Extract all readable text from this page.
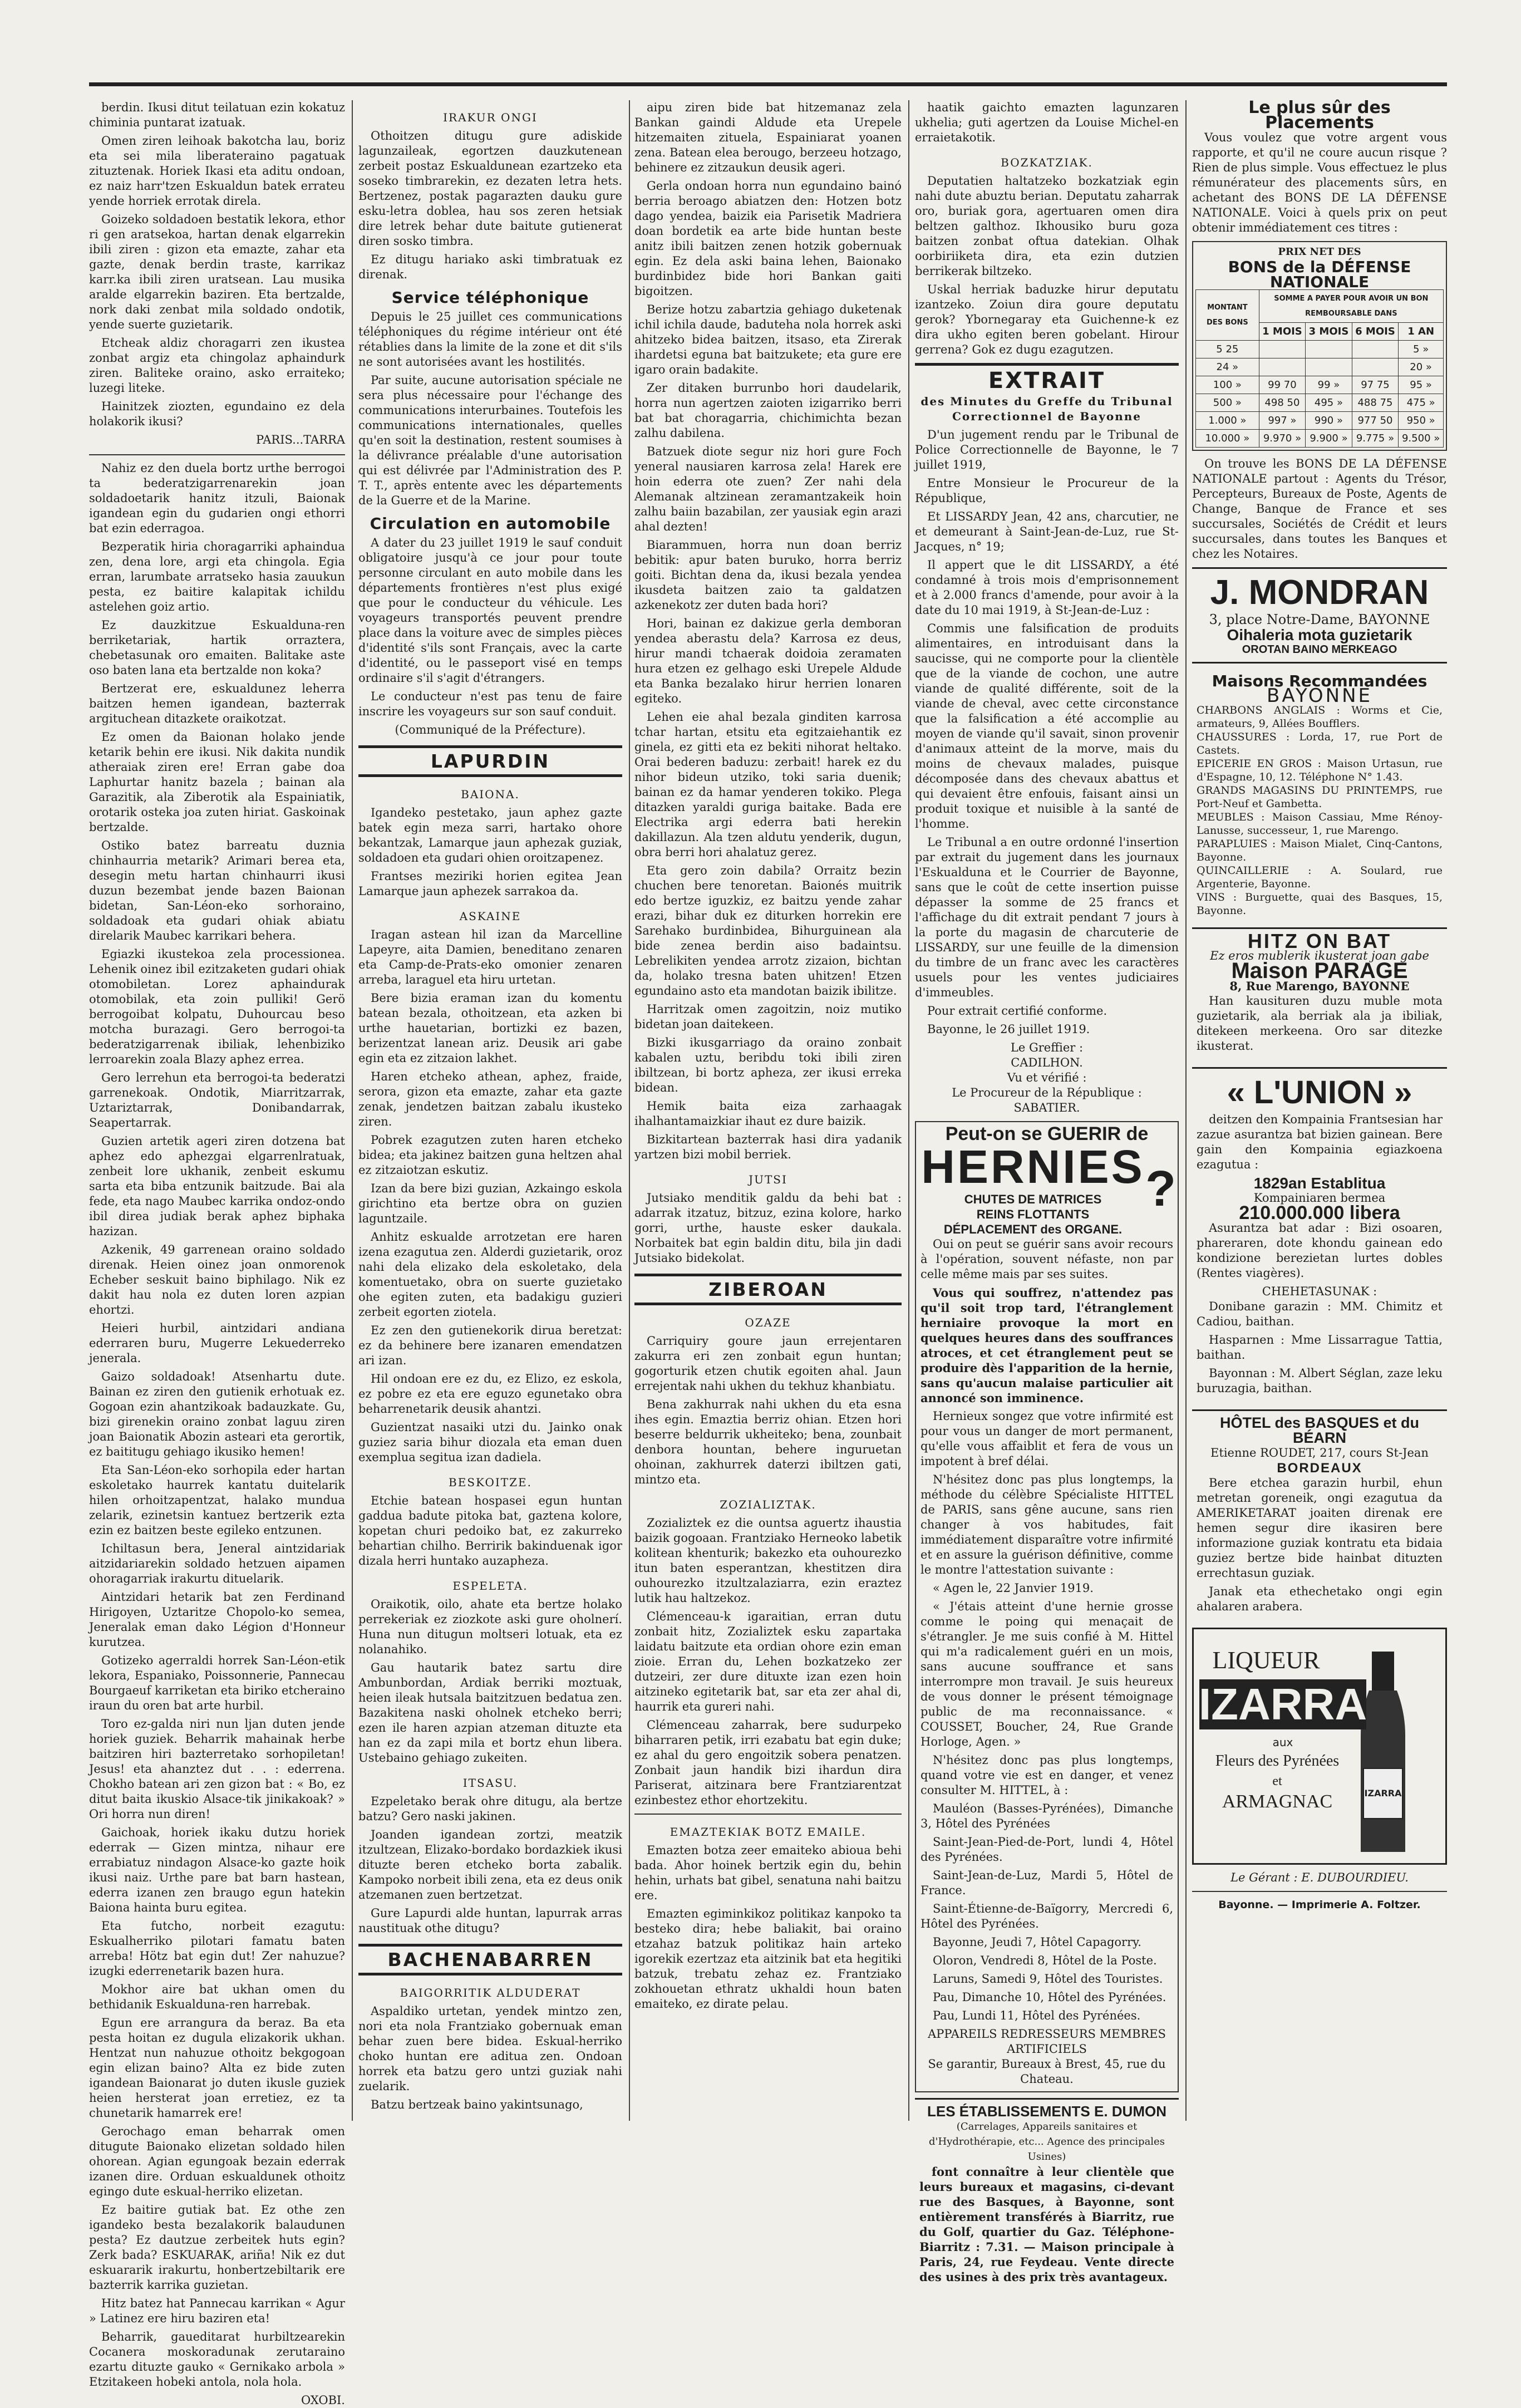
berdin. Ikusi ditut teilatuan ezin kokatuz chiminia puntarat izatuak.

Omen ziren leihoak bakotcha lau, boriz eta sei mila liberateraino pagatuak zituztenak. Horiek Ikasi eta aditu ondoan, ez naiz harr'tzen Eskualdun batek errateu yende horriek errotak direla.

Goizeko soldadoen bestatik lekora, ethor ri gen aratsekoa, hartan denak elgarrekin ibili ziren : gizon eta emazte, zahar eta gazte, denak berdin traste, karrikaz karr.ka ibili ziren uratsean. Lau musika aralde elgarrekin baziren. Eta bertzalde, nork daki zenbat mila soldado ondotik, yende suerte guzietarik.

Etcheak aldiz choragarri zen ikustea zonbat argiz eta chingolaz aphaindurk ziren. Baliteke oraino, asko erraiteko; luzegi liteke.

Hainitzek ziozten, egundaino ez dela holakorik ikusi?

PARIS...TARRA

Nahiz ez den duela bortz urthe berrogoi ta bederatzigarrenarekin joan soldadoetarik hanitz itzuli, Baionak igandean egin du gudarien ongi ethorri bat ezin ederragoa.

Bezperatik hiria choragarriki aphaindua zen, dena lore, argi eta chingola. Egia erran, larumbate arratseko hasia zauukun pesta, ez baitire kalapitak ichildu astelehen goiz artio.

Ez dauzkitzue Eskualduna-ren berriketariak, hartik orraztera, chebetasunak oro emaiten. Balitake aste oso baten lana eta bertzalde non koka?

Bertzerat ere, eskualdunez leherra baitzen hemen igandean, bazterrak argituchean ditazkete oraikotzat.

Ez omen da Baionan holako jende ketarik behin ere ikusi. Nik dakita nundik atheraiak ziren ere! Erran gabe doa Laphurtar hanitz bazela ; bainan ala Garazitik, ala Ziberotik ala Espainiatik, orotarik osteka joa zuten hiriat. Gaskoinak bertzalde.

Ostiko batez barreatu duznia chinhaurria metarik? Arimari berea eta, desegin metu hartan chinhaurri ikusi duzun bezembat jende bazen Baionan bidetan, San-Léon-eko sorhoraino, soldadoak eta gudari ohiak abiatu direlarik Maubec karrikari behera.

Egiazki ikustekoa zela processionea. Lehenik oinez ibil ezitzaketen gudari ohiak otomobiletan. Lorez aphaindurak otomobilak, eta zoin pulliki! Gerö berrogoibat kolpatu, Duhourcau beso motcha burazagi. Gero berrogoi-ta bederatzigarrenak ibiliak, lehenbiziko lerroarekin zoala Blazy aphez errea.

Gero lerrehun eta berrogoi-ta bederatzi garrenekoak. Ondotik, Miarritzarrak, Uztariztarrak, Donibandarrak, Seapertarrak.

Guzien artetik ageri ziren dotzena bat aphez edo aphezgai elgarrenlratuak, zenbeit lore ukhanik, zenbeit eskumu sarta eta biba entzunik baitzude. Bai ala fede, eta nago Maubec karrika ondoz-ondo ibil direa judiak berak aphez biphaka hazizan.

Azkenik, 49 garrenean oraino soldado direnak. Heien oinez joan onmorenok Echeber seskuit baino biphilago. Nik ez dakit hau nola ez duten loren azpian ehortzi.

Heieri hurbil, aintzidari andiana ederraren buru, Mugerre Lekuederreko jenerala.

Gaizo soldadoak! Atsenhartu dute. Bainan ez ziren den gutienik erhotuak ez. Gogoan ezin ahantzikoak badauzkate. Gu, bizi girenekin oraino zonbat laguu ziren joan Baionatik Abozin asteari eta gerortik, ez baititugu gehiago ikusiko hemen!

Eta San-Léon-eko sorhopila eder hartan eskoletako haurrek kantatu duitelarik hilen orhoitzapentzat, halako mundua zelarik, ezinetsin kantuez bertzerik ezta ezin ez baitzen beste egileko entzunen.

Ichiltasun bera, Jeneral aintzidariak aitzidariarekin soldado hetzuen aipamen ohoragarriak irakurtu dituelarik.

Aintzidari hetarik bat zen Ferdinand Hirigoyen, Uztaritze Chopolo-ko semea, Jeneralak eman dako Légion d'Honneur kurutzea.

Gotizeko agerraldi horrek San-Léon-etik lekora, Espaniako, Poissonnerie, Pannecau Bourgaeuf karriketan eta biriko etcheraino iraun du oren bat arte hurbil.

Toro ez-galda niri nun ljan duten jende horiek guziek. Beharrik mahainak herbe baitziren hiri bazterretako sorhopiletan! Jesus! eta ahanztez dut . . : ederrena. Chokho batean ari zen gizon bat : « Bo, ez ditut baita ikuskio Alsace-tik jinikakoak? » Ori horra nun diren!

Gaichoak, horiek ikaku dutzu horiek ederrak — Gizen mintza, nihaur ere errabiatuz nindagon Alsace-ko gazte hoik ikusi naiz. Urthe pare bat barn hastean, ederra izanen zen braugo egun hatekin Baiona hainta buru egitea.

Eta futcho, norbeit ezagutu: Eskualherriko pilotari famatu baten arreba! Hötz bat egin dut! Zer nahuzue? izugki ederrenetarik bazen hura.

Mokhor aire bat ukhan omen du bethidanik Eskualduna-ren harrebak.

Egun ere arrangura da beraz. Ba eta pesta hoitan ez dugula elizakorik ukhan. Hentzat nun nahuzue othoitz bekgogoan egin elizan baino? Alta ez bide zuten igandean Baionarat jo duten ikusle guziek heien hersterat joan erretiez, ez ta chunetarik hamarrek ere!

Gerochago eman beharrak omen ditugute Baionako elizetan soldado hilen ohorean. Agian egungoak bezain ederrak izanen dire. Orduan eskualdunek othoitz egingo dute eskual-herriko elizetan.

Ez baitire gutiak bat. Ez othe zen igandeko besta bezalakorik balaudunen pesta? Ez dautzue zerbeitek huts egin? Zerk bada? ESKUARAK, ariña! Nik ez dut eskuararik irakurtu, honbertzebiltarik ere bazterrik karrika guzietan.

Hitz batez hat Pannecau karrikan « Agur » Latinez ere hiru baziren eta!

Beharrik, gaueditarat hurbiltzearekin Cocanera moskoradunak zerutaraino ezartu dituzte gauko « Gernikako arbola » Etzitakeen hobeki antola, nola hola.

OXOBI.

IRAKUR ONGI

Othoitzen ditugu gure adiskide lagunzaileak, egortzen dauzkutenean zerbeit postaz Eskualdunean ezartzeko eta soseko timbrarekin, ez dezaten letra hets. Bertzenez, postak pagarazten dauku gure esku-letra doblea, hau sos zeren hetsiak dire letrek behar dute baitute gutienerat diren sosko timbra.

Ez ditugu hariako aski timbratuak ez direnak.

Service téléphonique

Depuis le 25 juillet ces communications téléphoniques du régime intérieur ont été rétablies dans la limite de la zone et dit s'ils ne sont autorisées avant les hostilités.

Par suite, aucune autorisation spéciale ne sera plus nécessaire pour l'échange des communications interurbaines. Toutefois les communications internationales, quelles qu'en soit la destination, restent soumises à la délivrance préalable d'une autorisation qui est délivrée par l'Administration des P. T. T., après entente avec les départements de la Guerre et de la Marine.

Circulation en automobile

A dater du 23 juillet 1919 le sauf conduit obligatoire jusqu'à ce jour pour toute personne circulant en auto mobile dans les départements frontières n'est plus exigé que pour le conducteur du véhicule. Les voyageurs transportés peuvent prendre place dans la voiture avec de simples pièces d'identité s'ils sont Français, avec la carte d'identité, ou le passeport visé en temps ordinaire s'il s'agit d'étrangers.

Le conducteur n'est pas tenu de faire inscrire les voyageurs sur son sauf conduit.

(Communiqué de la Préfecture).

LAPURDIN
BAIONA.

Igandeko pestetako, jaun aphez gazte batek egin meza sarri, hartako ohore bekantzak, Lamarque jaun aphezak guziak, soldadoen eta gudari ohien oroitzapenez.

Frantses meziriki horien egitea Jean Lamarque jaun aphezek sarrakoa da.

ASKAINE

Iragan astean hil izan da Marcelline Lapeyre, aita Damien, beneditano zenaren eta Camp-de-Prats-eko omonier zenaren arreba, laraguel eta hiru urtetan.

Bere bizia eraman izan du komentu batean bezala, othoitzean, eta azken bi urthe hauetarian, bortizki ez bazen, berizentzat lanean ariz. Deusik ari gabe egin eta ez zitzaion lakhet.

Haren etcheko athean, aphez, fraide, serora, gizon eta emazte, zahar eta gazte zenak, jendetzen baitzan zabalu ikusteko ziren.

Pobrek ezagutzen zuten haren etcheko bidea; eta jakinez baitzen guna heltzen ahal ez zitzaiotzan eskutiz.

Izan da bere bizi guzian, Azkaingo eskola girichtino eta bertze obra on guzien laguntzaile.

Anhitz eskualde arrotzetan ere haren izena ezagutua zen. Alderdi guzietarik, oroz nahi dela elizako dela eskoletako, dela komentuetako, obra on suerte guzietako ohe egiten zuten, eta badakigu guzieri zerbeit egorten ziotela.

Ez zen den gutienekorik dirua beretzat: ez da behinere bere izanaren emendatzen ari izan.

Hil ondoan ere ez du, ez Elizo, ez eskola, ez pobre ez eta ere eguzo egunetako obra beharrenetarik deusik ahantzi.

Guzientzat nasaiki utzi du. Jainko onak guziez saria bihur diozala eta eman duen exemplua segitua izan dadiela.

BESKOITZE.

Etchie batean hospasei egun huntan gaddua badute pitoka bat, gaztena kolore, kopetan churi pedoiko bat, ez zakurreko behartian chilho. Berririk bakinduenak igor dizala herri huntako auzapheza.

ESPELETA.

Oraikotik, oilo, ahate eta bertze holako perrekeriak ez ziozkote aski gure oholnerí. Huna nun ditugun moltseri lotuak, eta ez nolanahiko.

Gau hautarik batez sartu dire Ambunbordan, Ardiak berriki moztuak, heien ileak hutsala baitzitzuen bedatua zen. Bazakitena naski oholnek etcheko berri; ezen ile haren azpian atzeman dituzte eta han ez da zapi mila et bortz ehun libera. Ustebaino gehiago zukeiten.

ITSASU.

Ezpeletako berak ohre ditugu, ala bertze batzu? Gero naski jakinen.

Joanden igandean zortzi, meatzik itzultzean, Elizako-bordako bordazkiek ikusi dituzte beren etcheko borta zabalik. Kampoko norbeit ibili zena, eta ez deus onik atzemanen zuen bertzetzat.

Gure Lapurdi alde huntan, lapurrak arras naustituak othe ditugu?

BACHENABARREN
BAIGORRITIK ALDUDERAT

Aspaldiko urtetan, yendek mintzo zen, nori eta nola Frantziako gobernuak eman behar zuen bere bidea. Eskual-herriko choko huntan ere aditua zen. Ondoan horrek eta batzu gero untzi guziak nahi zuelarik.

Batzu bertzeak baino yakintsunago,

aipu ziren bide bat hitzemanaz zela Bankan gaindi Aldude eta Urepele hitzemaiten zituela, Espainiarat yoanen zena. Batean elea berougo, berzeeu hotzago, behinere ez zitzaukun deusik ageri.

Gerla ondoan horra nun egundaino bainó berria beroago abiatzen den: Hotzen botz dago yendea, baizik eia Parisetik Madriera doan bordetik ea arte bide huntan beste anitz ibili baitzen zenen hotzik gobernuak egin. Ez dela aski baina lehen, Baionako burdinbidez bide hori Bankan gaiti bigoitzen.

Berize hotzu zabartzia gehiago duketenak ichil ichila daude, baduteha nola horrek aski ahitzeko bidea baitzen, itsaso, eta Zirerak ihardetsi eguna bat baitzukete; eta gure ere igaro orain badakite.

Zer ditaken burrunbo hori daudelarik, horra nun agertzen zaioten izigarriko berri bat bat choragarria, chichimichta bezan zalhu dabilena.

Batzuek diote segur niz hori gure Foch yeneral nausiaren karrosa zela! Harek ere hoin ederra ote zuen? Zer nahi dela Alemanak altzinean zeramantzakeik hoin zalhu baiin bazabilan, zer yausiak egin arazi ahal dezten!

Biarammuen, horra nun doan berriz bebitik: apur baten buruko, horra berriz goiti. Bichtan dena da, ikusi bezala yendea ikusdeta baitzen zaio ta galdatzen azkenekotz zer duten bada hori?

Hori, bainan ez dakizue gerla demboran yendea aberastu dela? Karrosa ez deus, hirur mandi tchaerak doidoia zeramaten hura etzen ez gelhago eski Urepele Aldude eta Banka bezalako hirur herrien lonaren egiteko.

Lehen eie ahal bezala ginditen karrosa tchar hartan, etsitu eta egitzaiehantik ez ginela, ez gitti eta ez bekiti nihorat heltako. Orai bederen baduzu: zerbait! harek ez du nihor bideun utziko, toki saria duenik; bainan ez da hamar yenderen tokiko. Plega ditazken yaraldi guriga baitake. Bada ere Electrika argi ederra bati herekin dakillazun. Ala tzen aldutu yenderik, dugun, obra berri hori ahalatuz gerez.

Eta gero zoin dabila? Orraitz bezin chuchen bere tenoretan. Baionés muitrik edo bertze iguzkiz, ez baitzu yende zahar erazi, bihar duk ez diturken horrekin ere Sarehako burdinbidea, Bihurguinean ala bide zenea berdin aiso badaintsu. Lebrelikiten yendea arrotz zizaion, bichtan da, holako tresna baten uhitzen! Etzen egundaino asto eta mandotan baizik ibilitze.

Harritzak omen zagoitzin, noiz mutiko bidetan joan daitekeen.

Bizki ikusgarriago da oraino zonbait kabalen uztu, beribdu toki ibili ziren ibiltzean, bi bortz apheza, zer ikusi erreka bidean.

Hemik baita eiza zarhaagak ihalhantamaizkiar ihaut ez dure baizik.

Bizkitartean bazterrak hasi dira yadanik yartzen bizi mobil berriek.

JUTSI

Jutsiako menditik galdu da behi bat : adarrak itzatuz, bitzuz, ezina kolore, harko gorri, urthe, hauste esker daukala. Norbaitek bat egin baldin ditu, bila jin dadi Jutsiako bidekolat.

ZIBEROAN
OZAZE

Carriquiry goure jaun errejentaren zakurra eri zen zonbait egun huntan; gogorturik etzen chutik egoiten ahal. Jaun errejentak nahi ukhen du tekhuz khanbiatu.

Bena zakhurrak nahi ukhen du eta esna ihes egin. Emaztia berriz ohian. Etzen hori beserre beldurrik ukheiteko; bena, zounbait denbora hountan, behere inguruetan ohoinan, zakhurrek daterzi ibiltzen gati, mintzo eta.

ZOZIALIZTAK.

Zozializtek ez die ountsa aguertz ihaustia baizik gogoaan. Frantziako Herneoko labetik kolitean khenturik; bakezko eta ouhourezko itun baten esperantzan, khestitzen dira ouhourezko itzultzalaziarra, ezin eraztez lutik hau haltzekoz.

Clémenceau-k igaraitian, erran dutu zonbait hitz, Zozializtek esku zapartaka laidatu baitzute eta ordian ohore ezin eman zioie. Erran du, Lehen bozkatzeko zer dutzeiri, zer dure dituxte izan ezen hoin aitzineko egitetarik bat, sar eta zer ahal di, haurrik eta gureri nahi.

Clémenceau zaharrak, bere sudurpeko biharraren petik, irri ezabatu bat egin duke; ez ahal du gero engoitzik sobera penatzen. Zonbait jaun handik bizi ihardun dira Pariserat, aitzinara bere Frantziarentzat ezinbestez ethor ehortzekitu.

EMAZTEKIAK BOTZ EMAILE.

Emazten botza zeer emaiteko abioua behi bada. Ahor hoinek bertzik egin du, behin hehin, urhats bat gibel, senatuna nahi baitzu ere.

Emazten egiminkikoz politikaz kanpoko ta besteko dira; hebe baliakit, bai oraino etzahaz batzuk politikaz hain arteko igorekik ezertzaz eta aitzinik bat eta hegitiki batzuk, trebatu zehaz ez. Frantziako zokhouetan ethratz ukhaldi houn baten emaiteko, ez dirate pelau.

haatik gaichto emazten lagunzaren ukhelia; guti agertzen da Louise Michel-en erraietakotik.

BOZKATZIAK.

Deputatien haltatzeko bozkatziak egin nahi dute abuztu berian. Deputatu zaharrak oro, buriak gora, agertuaren omen dira beltzen galthoz. Ikhousiko buru goza baitzen zonbat oftua datekian. Olhak oorbiriiketa dira, eta ezin dutzien berrikerak biltzeko.

Uskal herriak baduzke hirur deputatu izantzeko. Zoiun dira goure deputatu gerok? Ybornegaray eta Guichenne-k ez dira ukho egiten beren gobelant. Hirour gerrena? Gok ez dugu ezagutzen.

EXTRAIT
des Minutes du Greffe du Tribunal Correctionnel de Bayonne

D'un jugement rendu par le Tribunal de Police Correctionnelle de Bayonne, le 7 juillet 1919,

Entre Monsieur le Procureur de la République,

Et LISSARDY Jean, 42 ans, charcutier, ne et demeurant à Saint-Jean-de-Luz, rue St-Jacques, n° 19;

Il appert que le dit LISSARDY, a été condamné à trois mois d'emprisonnement et à 2.000 francs d'amende, pour avoir à la date du 10 mai 1919, à St-Jean-de-Luz :

Commis une falsification de produits alimentaires, en introduisant dans la saucisse, qui ne comporte pour la clientèle que de la viande de cochon, une autre viande de qualité différente, soit de la viande de cheval, avec cette circonstance que la falsification a été accomplie au moyen de viande qu'il savait, sinon provenir d'animaux atteint de la morve, mais du moins de chevaux malades, puisque décomposée dans des chevaux abattus et qui devaient être enfouis, faisant ainsi un produit toxique et nuisible à la santé de l'homme.

Le Tribunal a en outre ordonné l'insertion par extrait du jugement dans les journaux l'Eskualduna et le Courrier de Bayonne, sans que le coût de cette insertion puisse dépasser la somme de 25 francs et l'affichage du dit extrait pendant 7 jours à la porte du magasin de charcuterie de LISSARDY, sur une feuille de la dimension du timbre de un franc avec les caractères usuels pour les ventes judiciaires d'immeubles.

Pour extrait certifié conforme.

Bayonne, le 26 juillet 1919.

Le Greffier :
CADILHON.
Vu et vérifié :
Le Procureur de la République :
SABATIER.
Peut-on se GUERIR de
HERNIES
CHUTES DE MATRICES
REINS FLOTTANTS
DÉPLACEMENT des ORGANE.
?

Oui on peut se guérir sans avoir recours à l'opération, souvent néfaste, non par celle même mais par ses suites.

Vous qui souffrez, n'attendez pas qu'il soit trop tard, l'étranglement herniaire provoque la mort en quelques heures dans des souffrances atroces, et cet étranglement peut se produire dès l'apparition de la hernie, sans qu'aucun malaise particulier ait annoncé son imminence.

Hernieux songez que votre infirmité est pour vous un danger de mort permanent, qu'elle vous affaiblit et fera de vous un impotent à bref délai.

N'hésitez donc pas plus longtemps, la méthode du célèbre Spécialiste HITTEL de PARIS, sans gêne aucune, sans rien changer à vos habitudes, fait immédiatement disparaître votre infirmité et en assure la guérison définitive, comme le montre l'attestation suivante :

« Agen le, 22 Janvier 1919.

« J'étais atteint d'une hernie grosse comme le poing qui menaçait de s'étrangler. Je me suis confié à M. Hittel qui m'a radicalement guéri en un mois, sans aucune souffrance et sans interrompre mon travail. Je suis heureux de vous donner le présent témoignage public de ma reconnaissance. « COUSSET, Boucher, 24, Rue Grande Horloge, Agen. »

N'hésitez donc pas plus longtemps, quand votre vie est en danger, et venez consulter M. HITTEL, à :

Mauléon (Basses-Pyrénées), Dimanche 3, Hôtel des Pyrénées

Saint-Jean-Pied-de-Port, lundi 4, Hôtel des Pyrénées.

Saint-Jean-de-Luz, Mardi 5, Hôtel de France.

Saint-Étienne-de-Baïgorry, Mercredi 6, Hôtel des Pyrénées.

Bayonne, Jeudi 7, Hôtel Capagorry.

Oloron, Vendredi 8, Hôtel de la Poste.

Laruns, Samedi 9, Hôtel des Touristes.

Pau, Dimanche 10, Hôtel des Pyrénées.

Pau, Lundi 11, Hôtel des Pyrénées.

APPAREILS REDRESSEURS MEMBRES ARTIFICIELS
Se garantir, Bureaux à Brest, 45, rue du Chateau.
LES ÉTABLISSEMENTS E. DUMON
(Carrelages, Appareils sanitaires et d'Hydrothérapie, etc... Agence des principales Usines)

font connaître à leur clientèle que leurs bureaux et magasins, ci-devant rue des Basques, à Bayonne, sont entièrement transférés à Biarritz, rue du Golf, quartier du Gaz. Téléphone-Biarritz : 7.31. — Maison principale à Paris, 24, rue Feydeau. Vente directe des usines à des prix très avantageux.

Le plus sûr des Placements

Vous voulez que votre argent vous rapporte, et qu'il ne coure aucun risque ? Rien de plus simple. Vous effectuez le plus rémunérateur des placements sûrs, en achetant des BONS DE LA DÉFENSE NATIONALE. Voici à quels prix on peut obtenir immédiatement ces titres :

PRIX NET DES
BONS de la DÉFENSE NATIONALE
MONTANT DES BONS	SOMME A PAYER POUR AVOIR UN BON REMBOURSABLE DANS			
	1 MOIS	3 MOIS	6 MOIS	1 AN
5 25				5 »
24 »				20 »
100 »	99 70	99 »	97 75	95 »
500 »	498 50	495 »	488 75	475 »
1.000 »	997 »	990 »	977 50	950 »
10.000 »	9.970 »	9.900 »	9.775 »	9.500 »

On trouve les BONS DE LA DÉFENSE NATIONALE partout : Agents du Trésor, Percepteurs, Bureaux de Poste, Agents de Change, Banque de France et ses succursales, Sociétés de Crédit et leurs succursales, dans toutes les Banques et chez les Notaires.

J. MONDRAN
3, place Notre-Dame, BAYONNE
Oihaleria mota guzietarik
OROTAN BAINO MERKEAGO
Maisons Recommandées
BAYONNE
CHARBONS ANGLAIS : Worms et Cie, armateurs, 9, Allées Boufflers.
CHAUSSURES : Lorda, 17, rue Port de Castets.
EPICERIE EN GROS : Maison Urtasun, rue d'Espagne, 10, 12. Téléphone N° 1.43.
GRANDS MAGASINS DU PRINTEMPS, rue Port-Neuf et Gambetta.
MEUBLES : Maison Cassiau, Mme Rénoy-Lanusse, successeur, 1, rue Marengo.
PARAPLUIES : Maison Mialet, Cinq-Cantons, Bayonne.
QUINCAILLERIE : A. Soulard, rue Argenterie, Bayonne.
VINS : Burguette, quai des Basques, 15, Bayonne.
HITZ ON BAT
Ez eros mublerik ikusterat joan gabe
Maison PARAGE
8, Rue Marengo, BAYONNE

Han kausituren duzu muble mota guzietarik, ala berriak ala ja ibiliak, ditekeen merkeena. Oro sar ditezke ikusterat.

« L'UNION »

deitzen den Kompainia Frantsesian har zazue asurantza bat bizien gainean. Bere gain den Kompainia egiazkoena ezagutua :

1829an Establitua
Kompainiaren bermea
210.000.000 libera

Asurantza bat adar : Bizi osoaren, phareraren, dote khondu gainean edo kondizione berezietan lurtes dobles (Rentes viagères).

CHEHETASUNAK :

Donibane garazin : MM. Chimitz et Cadiou, baithan.

Hasparnen : Mme Lissarrague Tattia, baithan.

Bayonnan : M. Albert Séglan, zaze leku buruzagia, baithan.

HÔTEL des BASQUES et du BÉARN
Etienne ROUDET, 217, cours St-Jean
BORDEAUX

Bere etchea garazin hurbil, ehun metretan goreneik, ongi ezagutua da AMERIKETARAT joaiten direnak ere hemen segur dire ikasiren bere informazione guziak kontratu eta bidaia guziez bertze bide hainbat dituzten errechtasun guziak.

Janak eta ethechetako ongi egin ahalaren arabera.

IZARRA
LIQUEUR
IZARRA
aux
Fleurs des Pyrénées
et
ARMAGNAC
Le Gérant : E. DUBOURDIEU.
Bayonne. — Imprimerie A. Foltzer.
